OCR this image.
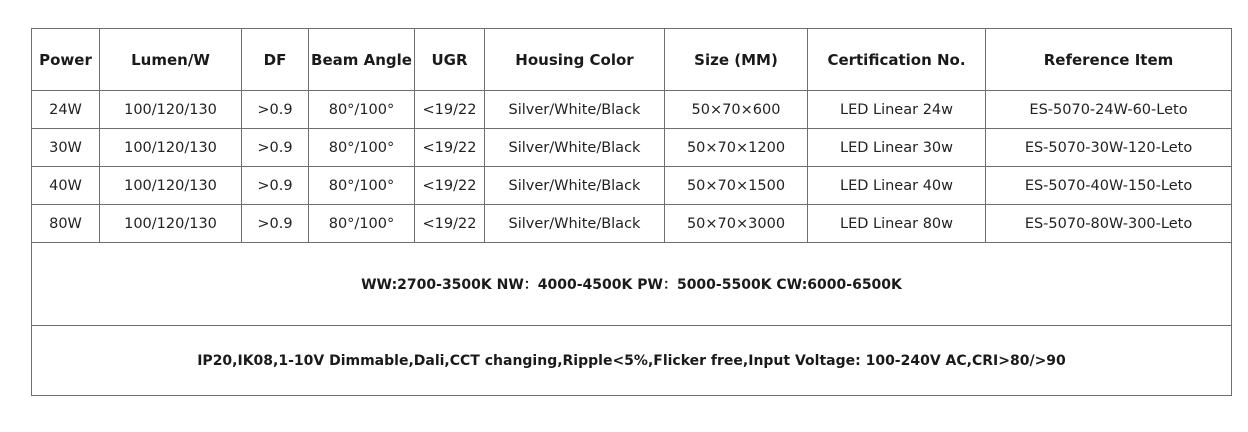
Power	Lumen/W	DF	Beam Angle	UGR	Housing Color	Size (MM)	Certification No.	Reference Item
24W	100/120/130	>0.9	80°/100°	<19/22	Silver/White/Black	50×70×600	LED Linear 24w	ES-5070-24W-60-Leto
30W	100/120/130	>0.9	80°/100°	<19/22	Silver/White/Black	50×70×1200	LED Linear 30w	ES-5070-30W-120-Leto
40W	100/120/130	>0.9	80°/100°	<19/22	Silver/White/Black	50×70×1500	LED Linear 40w	ES-5070-40W-150-Leto
80W	100/120/130	>0.9	80°/100°	<19/22	Silver/White/Black	50×70×3000	LED Linear 80w	ES-5070-80W-300-Leto
WW:2700-3500K NW：4000-4500K PW：5000-5500K CW:6000-6500K								
IP20,IK08,1-10V Dimmable,Dali,CCT changing,Ripple<5%,Flicker free,Input Voltage: 100-240V AC,CRI>80/>90								
